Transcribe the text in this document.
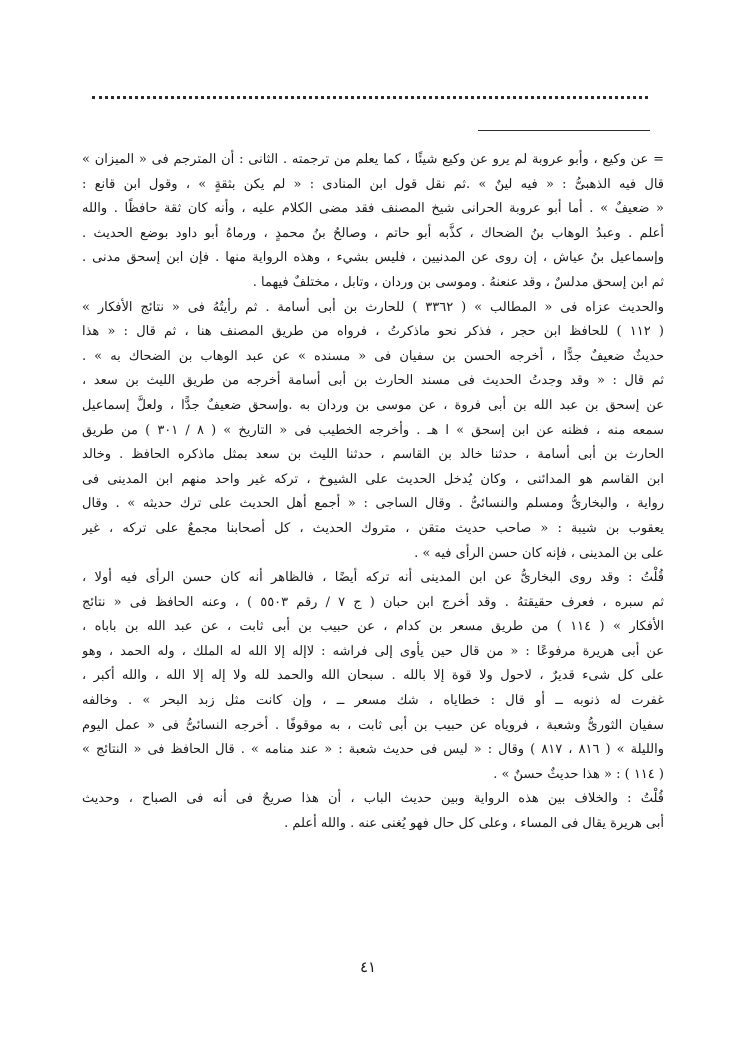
= عن وكيع ، وأبو عروبة لم يرو عن وكيع شيئًا ، كما يعلم من ترجمته . الثانى : أن المترجم فى « الميزان »
قال فيه الذهبىُّ : « فيه لينٌ » .ثم نقل قول ابن المنادى : « لم يكن بثقةٍ » ، وقول ابن قانع :
« ضعيفٌ » . أما أبو عروبة الحرانى شيخ المصنف فقد مضى الكلام عليه ، وأنه كان ثقة حافظًا . والله
أعلم . وعبدُ الوهاب بنُ الضحاك ، كذَّبه أبو حاتم ، وصالحُ بنُ محمدٍ ، ورماهُ أبو داود بوضع الحديث .
وإسماعيل بنُ عياش ، إن روى عن المدنيين ، فليس بشيء ، وهذه الرواية منها . فإن ابن إسحق مدنى .
ثم ابن إسحق مدلسٌ ، وقد عنعنهُ . وموسى بن وردان ، وتابل ، مختلفٌ فيهما .
والحديث عزاه فى « المطالب » ( ٣٣٦٢ ) للحارث بن أبى أسامة . ثم رأيتُهُ فى « نتائج الأفكار »
( ١١٢ ) للحافظ ابن حجر ، فذكر نحو ماذكرتُ ، فرواه من طريق المصنف هنا ، ثم قال : « هذا
حديثٌ ضعيفٌ جدًّا ، أخرجه الحسن بن سفيان فى « مسنده » عن عبد الوهاب بن الضحاك به » .
ثم قال : « وقد وجدتُ الحديث فى مسند الحارث بن أبى أسامة أخرجه من طريق الليث بن سعد ،
عن إسحق بن عبد الله بن أبى فروة ، عن موسى بن وردان به .وإسحق ضعيفٌ جدًّا ، ولعلَّ إسماعيل
سمعه منه ، فظنه عن ابن إسحق » ا هـ . وأخرجه الخطيب فى « التاريخ » ( ٨ / ٣٠١ ) من طريق
الحارث بن أبى أسامة ، حدثنا خالد بن القاسم ، حدثنا الليث بن سعد بمثل ماذكره الحافظ . وخالد
ابن القاسم هو المدائنى ، وكان يُدخل الحديث على الشيوخ ، تركه غير واحد منهم ابن المدينى فى
رواية ، والبخارىُّ ومسلم والنسائىُّ . وقال الساجى : « أجمع أهل الحديث على ترك حديثه » . وقال
يعقوب بن شيبة : « صاحب حديث متقن ، متروك الحديث ، كل أصحابنا مجمعٌ على تركه ، غير
على بن المدينى ، فإنه كان حسن الرأى فيه » .
قُلْتُ : وقد روى البخارىُّ عن ابن المدينى أنه تركه أيضًا ، فالظاهر أنه كان حسن الرأى فيه أولا ،
ثم سبره ، فعرف حقيقتهُ . وقد أخرج ابن حبان ( ج ٧ / رقم ٥٥٠٣ ) ، وعنه الحافظ فى « نتائج
الأفكار » ( ١١٤ ) من طريق مسعر بن كدام ، عن حبيب بن أبى ثابت ، عن عبد الله بن باباه ،
عن أبى هريرة مرفوعًا : « من قال حين يأوى إلى فراشه : لاإله إلا الله له الملك ، وله الحمد ، وهو
على كل شىء قديرٌ ، لاحول ولا قوة إلا بالله . سبحان الله والحمد لله ولا إله إلا الله ، والله أكبر ،
غفرت له ذنوبه ــ أو قال : خطاياه ، شك مسعر ــ ، وإن كانت مثل زبد البحر » . وخالفه
سفيان الثورىُّ وشعبة ، فروياه عن حبيب بن أبى ثابت ، به موقوفًا . أخرجه النسائىُّ فى « عمل اليوم
والليلة » ( ٨١٦ ، ٨١٧ ) وقال : « ليس فى حديث شعبة : « عند منامه » . قال الحافظ فى « النتائج »
( ١١٤ ) : « هذا حديثٌ حسنٌ » .
قُلْتُ : والخلاف بين هذه الرواية وبين حديث الباب ، أن هذا صريحٌ فى أنه فى الصباح ، وحديث
أبى هريرة يقال فى المساء ، وعلى كل حال فهو يُغنى عنه . والله أعلم .
٤١
